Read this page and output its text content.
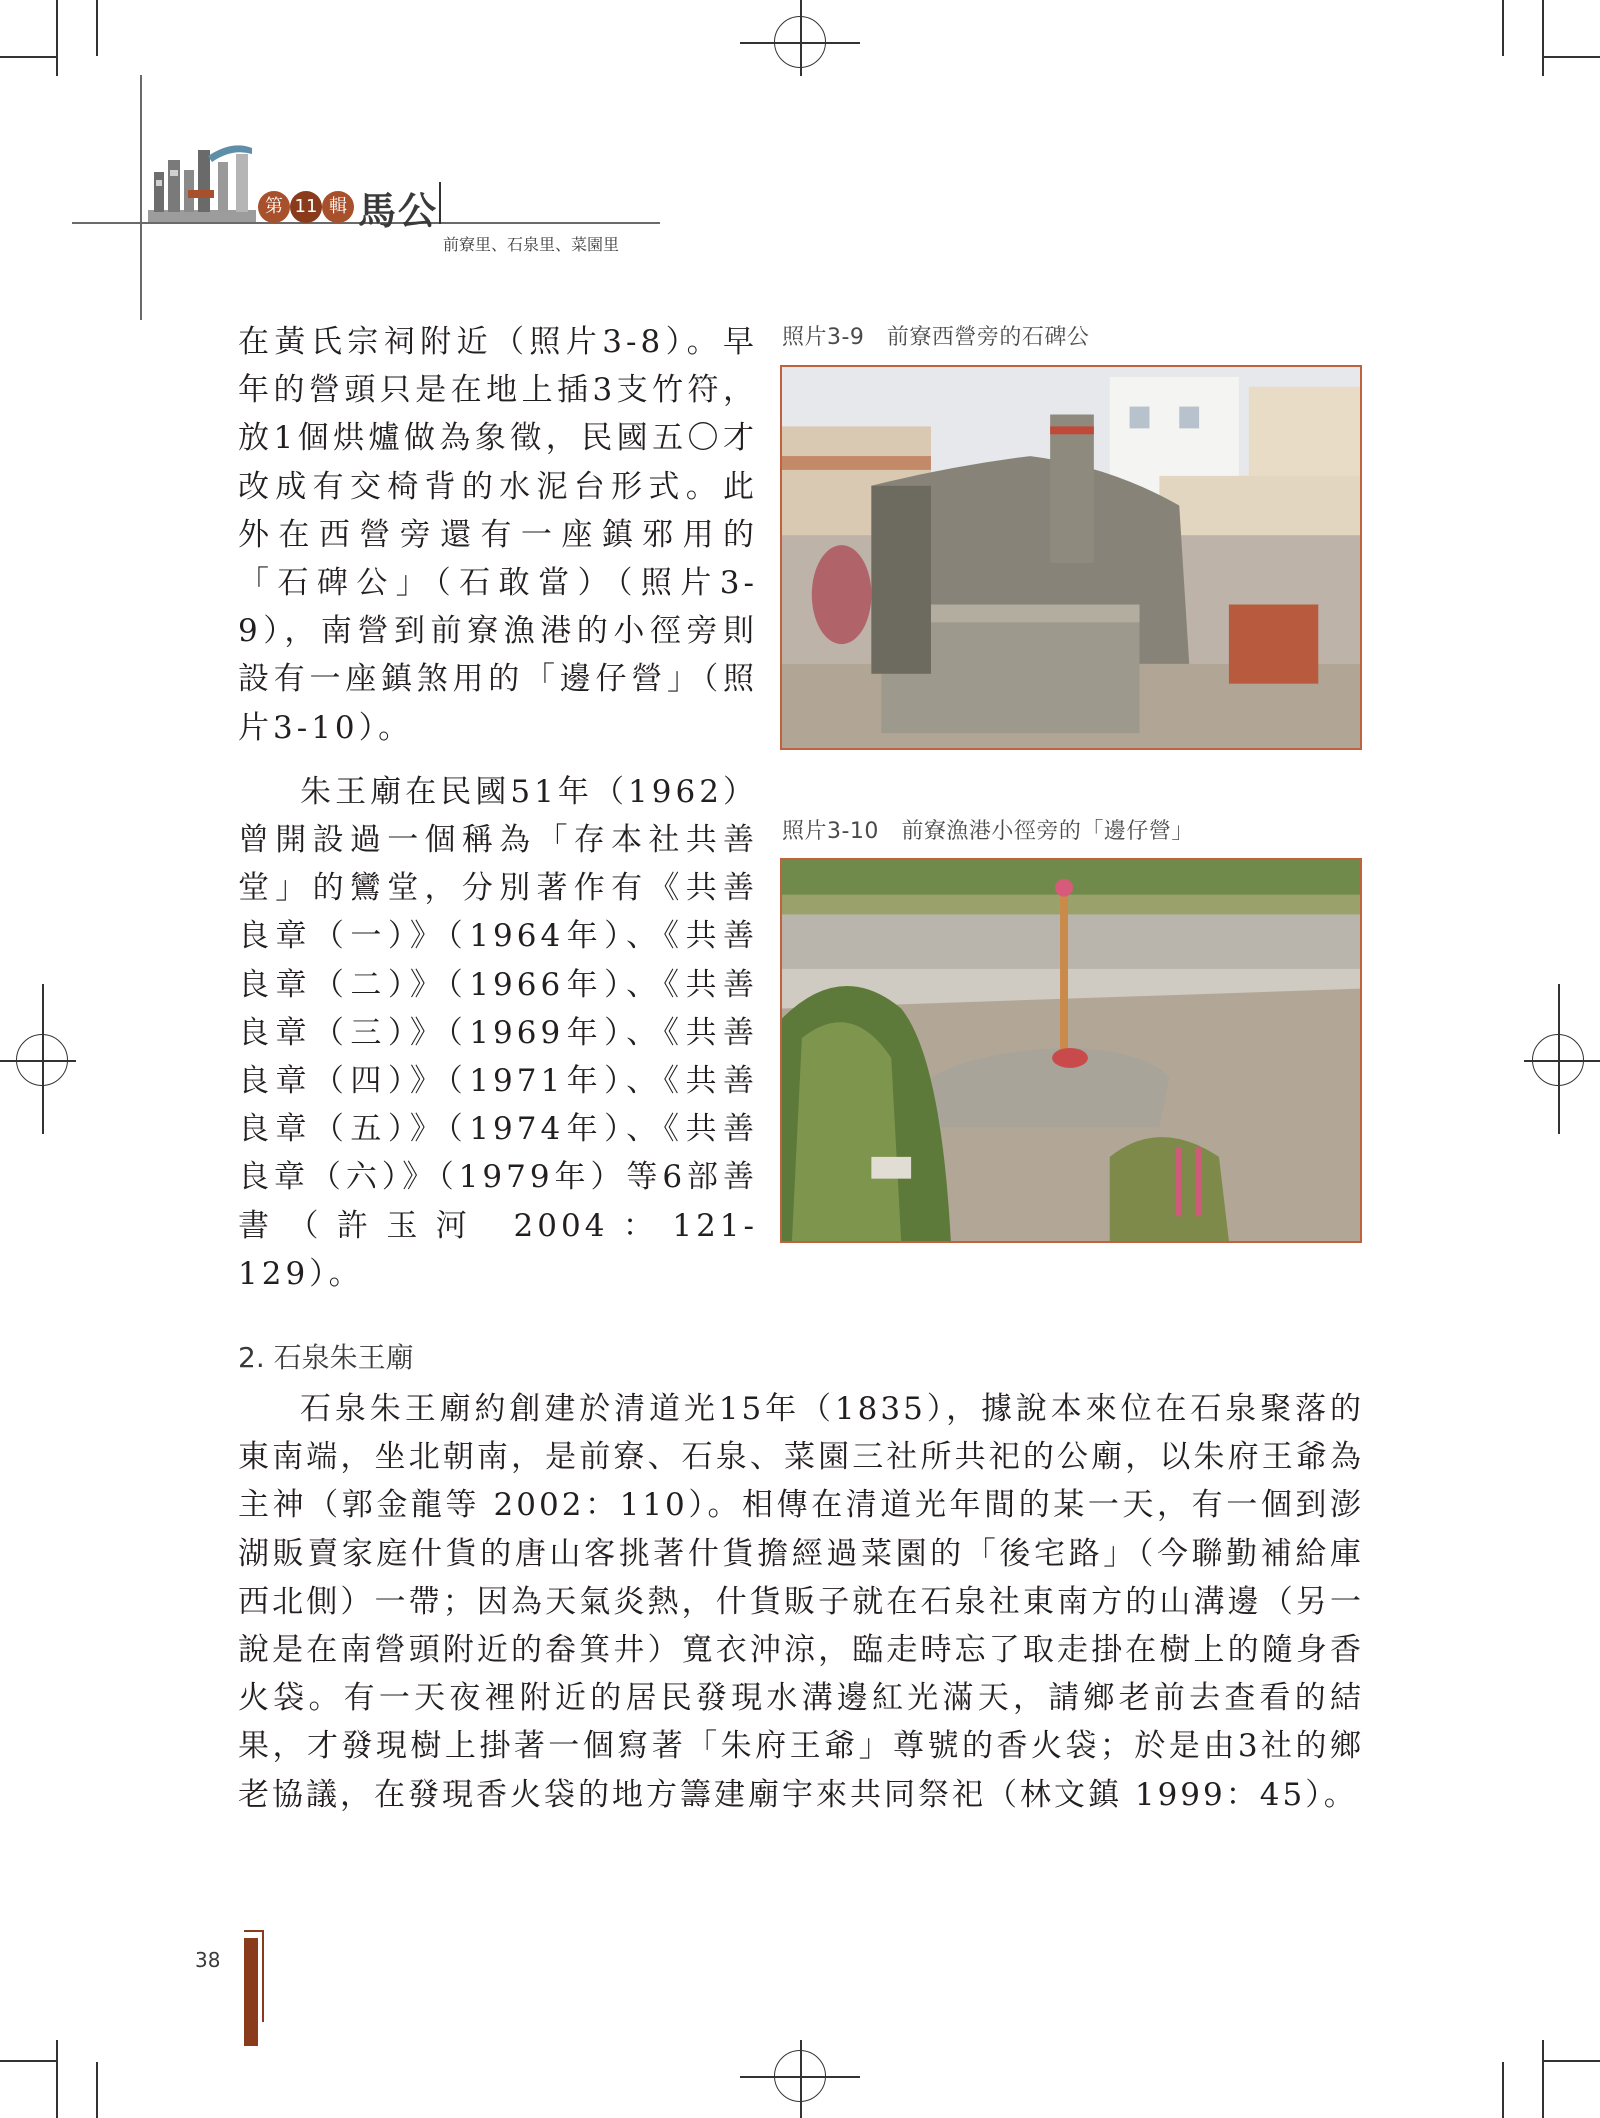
第 11 輯 馬公
前寮里、石泉里、菜園里

在黃氏宗祠附近（照片3-8）。早年的營頭只是在地上插3支竹符，放1個烘爐做為象徵，民國五〇才改成有交椅背的水泥台形式。此外在西營旁還有一座鎮邪用的「石碑公」（石敢當）（照片3-9），南營到前寮漁港的小徑旁則設有一座鎮煞用的「邊仔營」（照片3-10）。

朱王廟在民國51年（1962）曾開設過一個稱為「存本社共善堂」的鸞堂，分別著作有《共善良章（一）》（1964年）、《共善良章（二）》（1966年）、《共善良章（三）》（1969年）、《共善良章（四）》（1971年）、《共善良章（五）》（1974年）、《共善良章（六）》（1979年）等6部善書（許玉河 2004：121-129）。

照片3-9　前寮西營旁的石碑公
照片3-10　前寮漁港小徑旁的「邊仔營」
2. 石泉朱王廟

石泉朱王廟約創建於清道光15年（1835），據說本來位在石泉聚落的東南端，坐北朝南，是前寮、石泉、菜園三社所共祀的公廟，以朱府王爺為主神（郭金龍等 2002：110）。相傳在清道光年間的某一天，有一個到澎湖販賣家庭什貨的唐山客挑著什貨擔經過菜園的「後宅路」（今聯勤補給庫西北側）一帶；因為天氣炎熱，什貨販子就在石泉社東南方的山溝邊（另一說是在南營頭附近的畚箕井）寬衣沖涼，臨走時忘了取走掛在樹上的隨身香火袋。有一天夜裡附近的居民發現水溝邊紅光滿天，請鄉老前去查看的結果，才發現樹上掛著一個寫著「朱府王爺」尊號的香火袋；於是由3社的鄉老協議，在發現香火袋的地方籌建廟宇來共同祭祀（林文鎮 1999：45）。

38
